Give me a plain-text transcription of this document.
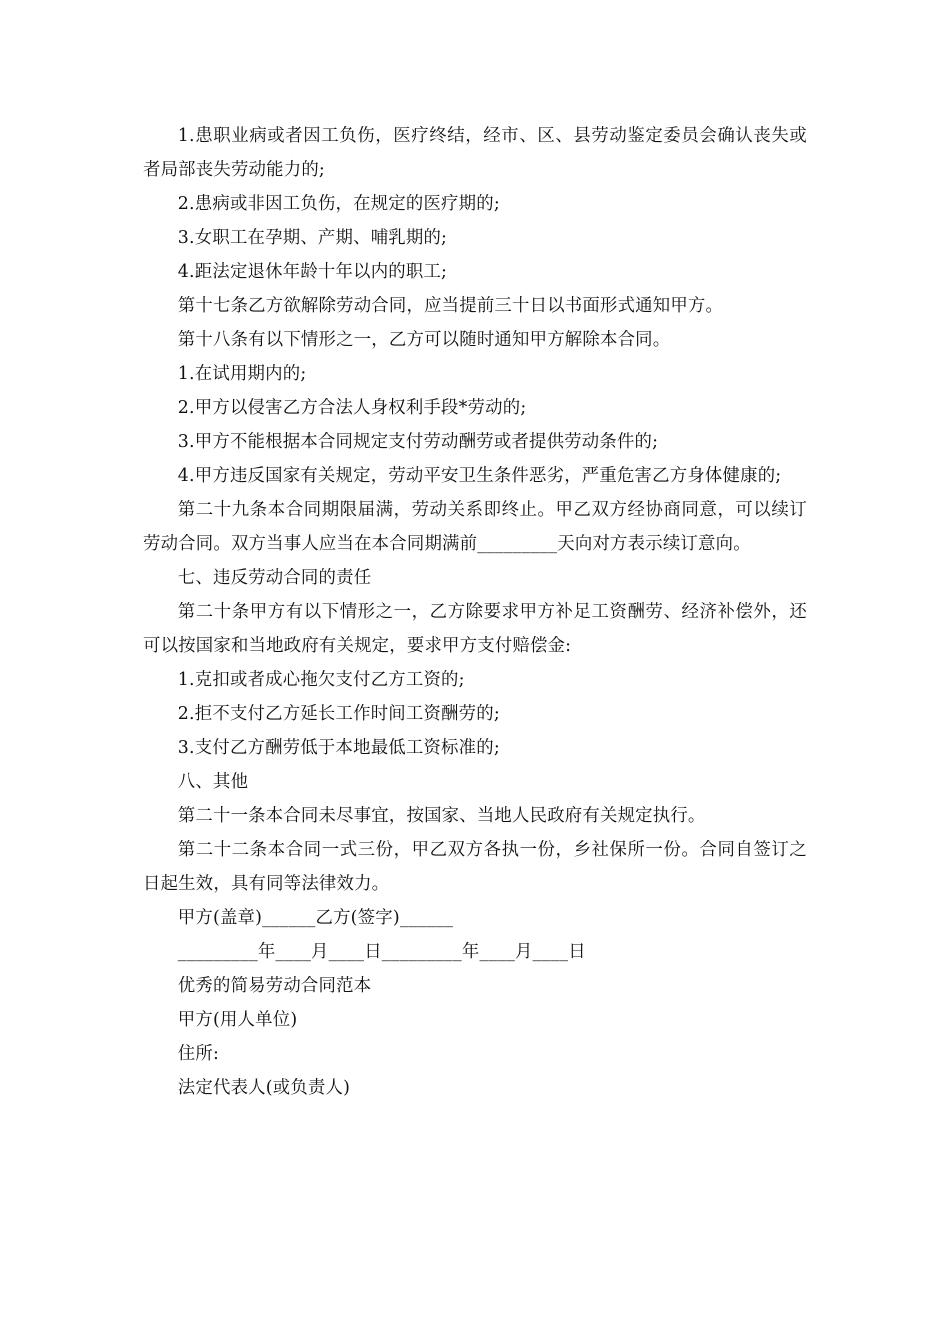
1.患职业病或者因工负伤，医疗终结，经市、区、县劳动鉴定委员会确认丧失或者局部丧失劳动能力的;

2.患病或非因工负伤，在规定的医疗期的;

3.女职工在孕期、产期、哺乳期的;

4.距法定退休年龄十年以内的职工;

第十七条乙方欲解除劳动合同，应当提前三十日以书面形式通知甲方。

第十八条有以下情形之一，乙方可以随时通知甲方解除本合同。

1.在试用期内的;

2.甲方以侵害乙方合法人身权利手段*劳动的;

3.甲方不能根据本合同规定支付劳动酬劳或者提供劳动条件的;

4.甲方违反国家有关规定，劳动平安卫生条件恶劣，严重危害乙方身体健康的;

第二十九条本合同期限届满，劳动关系即终止。甲乙双方经协商同意，可以续订劳动合同。双方当事人应当在本合同期满前_________天向对方表示续订意向。

七、违反劳动合同的责任

第二十条甲方有以下情形之一，乙方除要求甲方补足工资酬劳、经济补偿外，还可以按国家和当地政府有关规定，要求甲方支付赔偿金:

1.克扣或者成心拖欠支付乙方工资的;

2.拒不支付乙方延长工作时间工资酬劳的;

3.支付乙方酬劳低于本地最低工资标准的;

八、其他

第二十一条本合同未尽事宜，按国家、当地人民政府有关规定执行。

第二十二条本合同一式三份，甲乙双方各执一份，乡社保所一份。合同自签订之日起生效，具有同等法律效力。

甲方(盖章)______乙方(签字)______

_________年____月____日_________年____月____日

优秀的简易劳动合同范本

甲方(用人单位)

住所:

法定代表人(或负责人)
